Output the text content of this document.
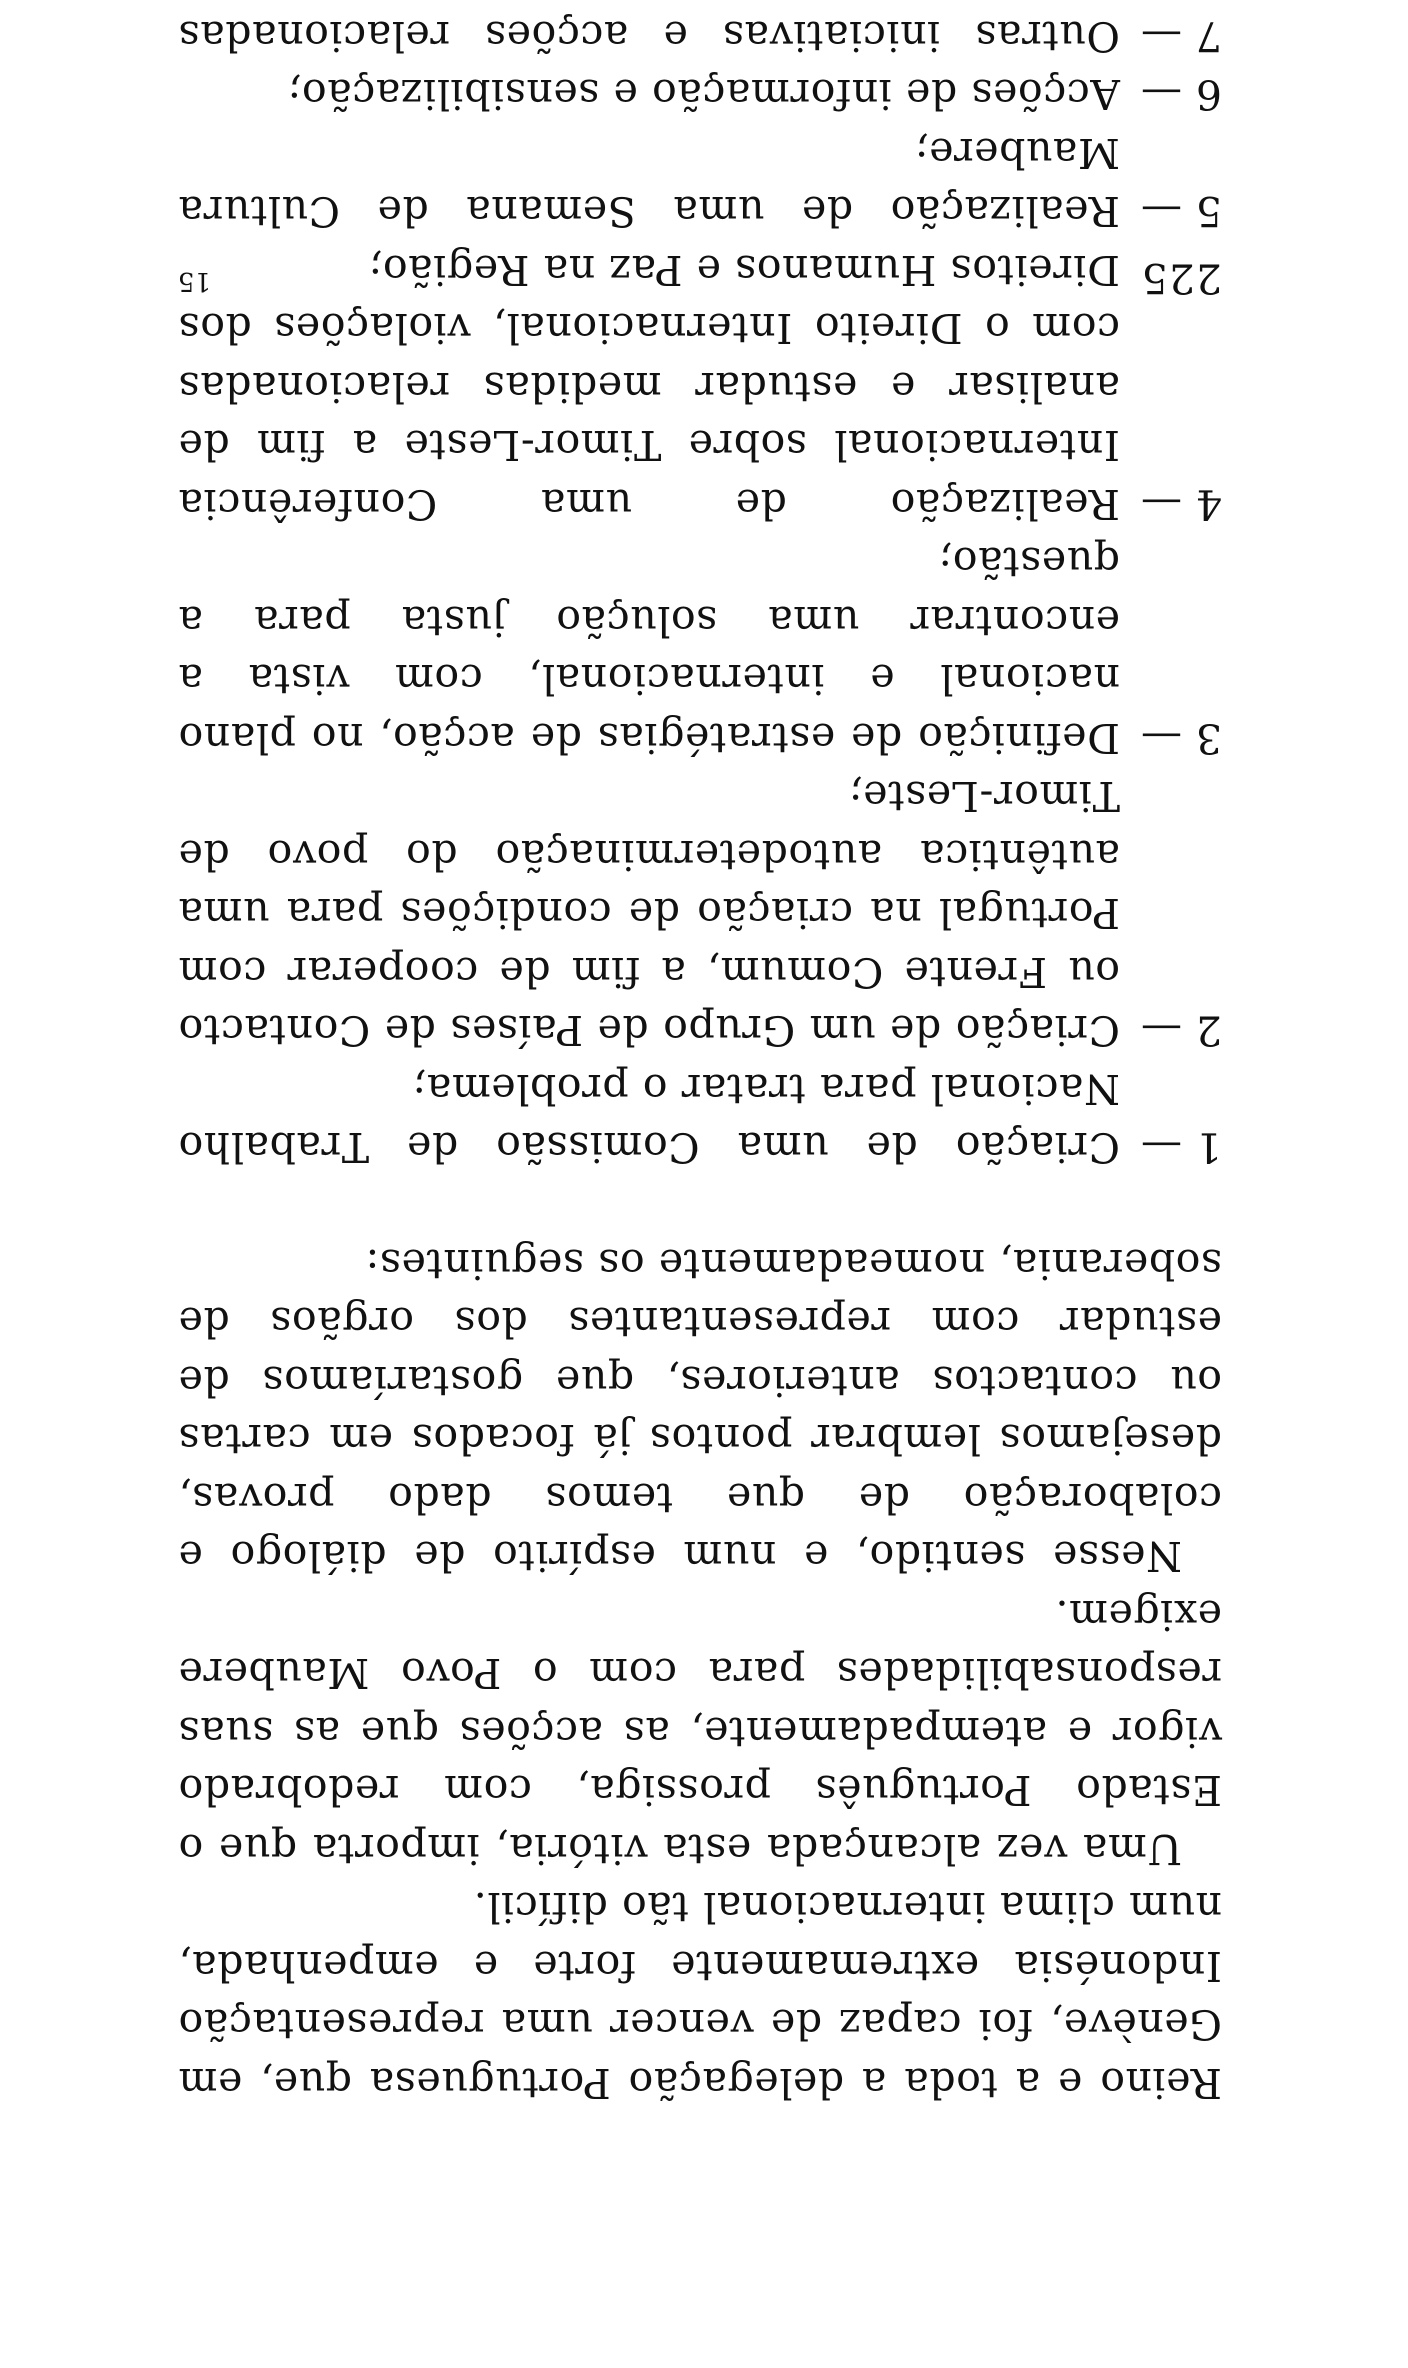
Reino e a toda a delegação Portuguesa que, em Genève, foi capaz de vencer uma representação Indonésia extremamente forte e empenhada, num clima internacional tão difícil.

Uma vez alcançada esta vitória, importa que o Estado Português prossiga, com redobrado vigor e atempadamente, as acções que as suas responsabilidades para com o Povo Maubere exigem.

Nesse sentido, e num espírito de diálogo e colaboração de que temos dado provas, desejamos lembrar pontos já focados em cartas ou contactos anteriores, que gostaríamos de estudar com representantes dos orgãos de soberania, nomeadamente os seguintes:

1
—
Criação de uma Comissão de Trabalho Nacional para tratar o problema;
2
—
Criação de um Grupo de Países de Contacto ou Frente Comum, a fim de cooperar com Portugal na criação de condições para uma autêntica autodeterminação do povo de Timor-Leste;
3
—
Definição de estratégias de acção, no plano nacional e internacional, com vista a encontrar uma solução justa para a questão;
4
—
Realização de uma Conferência Internacional sobre Timor-Leste a fim de analisar e estudar medidas relacionadas com o Direito Internacional, violações dos Direitos Humanos e Paz na Região;
5
—
Realização de uma Semana de Cultura Maubere;
6
—
Acções de informação e sensibilização;
7
—
Outras iniciativas e acções relacionadas

225
15
